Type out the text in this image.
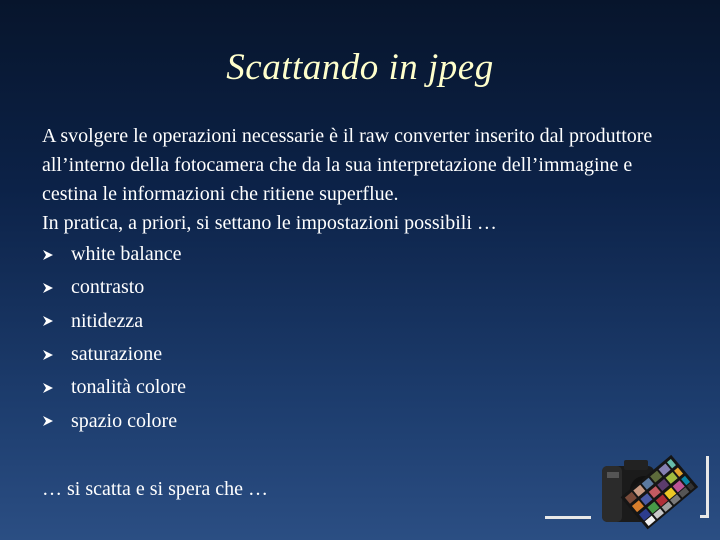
Scattando in jpeg

A svolgere le operazioni necessarie è il raw converter inserito dal produttore all’interno della fotocamera che da la sua interpretazione dell’immagine e cestina le informazioni che ritiene superflue.

In pratica, a priori, si settano le impostazioni possibili …

white balance
contrasto
nitidezza
saturazione
tonalità colore
spazio colore
… si scatta e si spera che …
